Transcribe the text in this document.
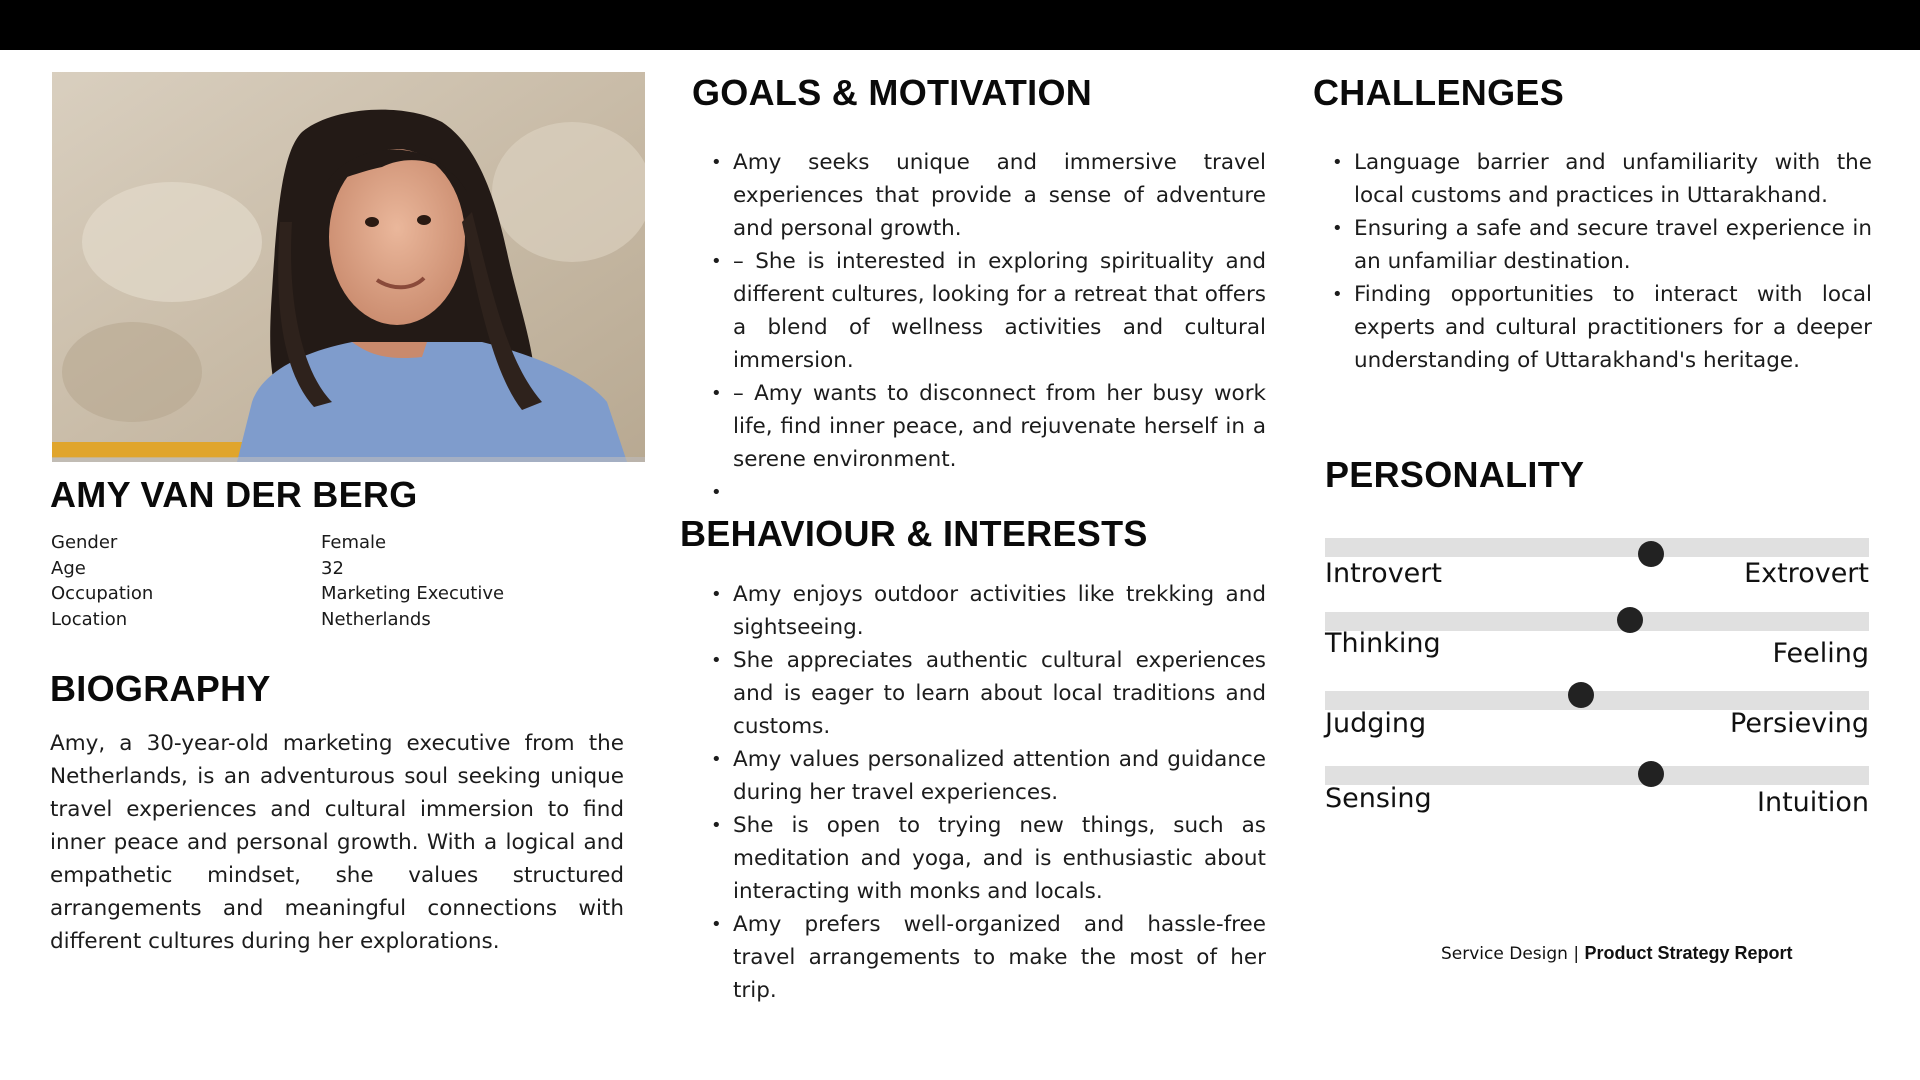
AMY VAN DER BERG
Gender	Female
Age	32
Occupation	Marketing Executive
Location	Netherlands
BIOGRAPHY

Amy, a 30-year-old marketing executive from the Netherlands, is an adventurous soul seeking unique travel experiences and cultural immersion to find inner peace and personal growth. With a logical and empathetic mindset, she values structured arrangements and meaningful connections with different cultures during her explorations.

GOALS & MOTIVATION
• Amy seeks unique and immersive travel experiences that provide a sense of adventure and personal growth.
• – She is interested in exploring spirituality and different cultures, looking for a retreat that offers a blend of wellness activities and cultural immersion.
• – Amy wants to disconnect from her busy work life, find inner peace, and rejuvenate herself in a serene environment.
•
BEHAVIOUR & INTERESTS
• Amy enjoys outdoor activities like trekking and sightseeing.
• She appreciates authentic cultural experiences and is eager to learn about local traditions and customs.
• Amy values personalized attention and guidance during her travel experiences.
• She is open to trying new things, such as meditation and yoga, and is enthusiastic about interacting with monks and locals.
• Amy prefers well-organized and hassle-free travel arrangements to make the most of her trip.
CHALLENGES
• Language barrier and unfamiliarity with the local customs and practices in Uttarakhand.
• Ensuring a safe and secure travel experience in an unfamiliar destination.
• Finding opportunities to interact with local experts and cultural practitioners for a deeper understanding of Uttarakhand's heritage.
PERSONALITY
Introvert	Extrovert
Thinking	Feeling
Judging	Persieving
Sensing	Intuition
Service Design | Product Strategy Report
